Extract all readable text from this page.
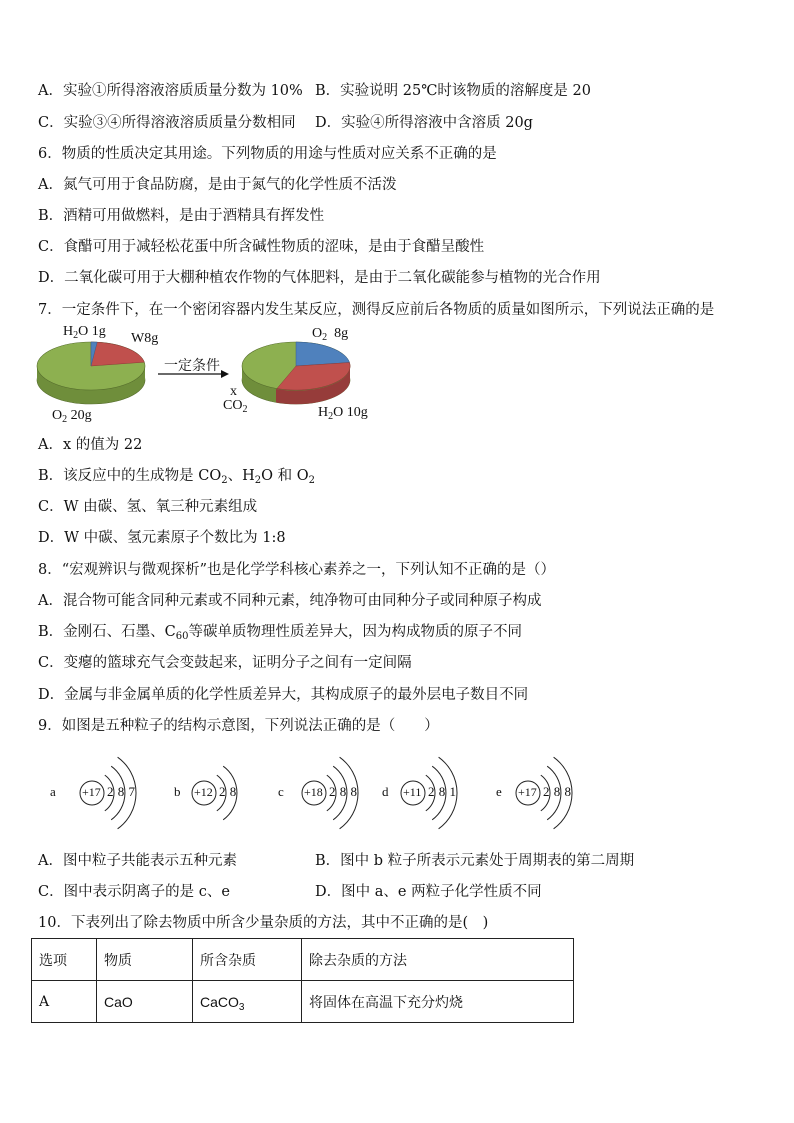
A．实验①所得溶液溶质质量分数为 10% B．实验说明 25℃时该物质的溶解度是 20
C．实验③④所得溶液溶质质量分数相同 D．实验④所得溶液中含溶质 20g
6．物质的性质决定其用途。下列物质的用途与性质对应关系不正确的是
A．氮气可用于食品防腐，是由于氮气的化学性质不活泼
B．酒精可用做燃料，是由于酒精具有挥发性
C．食醋可用于减轻松花蛋中所含碱性物质的涩味，是由于食醋呈酸性
D．二氧化碳可用于大棚种植农作物的气体肥料，是由于二氧化碳能参与植物的光合作用
7．一定条件下，在一个密闭容器内发生某反应，测得反应前后各物质的质量如图所示，下列说法正确的是
$H_2O$ 1g W8g
$O_2$ 20g
一定条件
$O_2$  8g
x
$CO_2$	$H_2O$ 10g
A．x 的值为 22
B．该反应中的生成物是 $CO_2$、$H_2O$ 和 $O_2$
C．W 由碳、氢、氧三种元素组成
D．W 中碳、氢元素原子个数比为 1:8
8．“宏观辨识与微观探析”也是化学学科核心素养之一，下列认知不正确的是（）
A．混合物可能含同种元素或不同种元素，纯净物可由同种分子或同种原子构成
B．金刚石、石墨、$C_{60}$等碳单质物理性质差异大，因为构成物质的原子不同
C．变瘪的篮球充气会变鼓起来，证明分子之间有一定间隔
D．金属与非金属单质的化学性质差异大，其构成原子的最外层电子数目不同
9．如图是五种粒子的结构示意图，下列说法正确的是（　　）
a +17 2 8 7	b +12 2 8	c +18 2 8 8 d +11 2 8 1	e +17 2 8 8
A．图中粒子共能表示五种元素	B．图中 b 粒子所表示元素处于周期表的第二周期
C．图中表示阴离子的是 c、e	D．图中 a、e 两粒子化学性质不同
10．下表列出了除去物质中所含少量杂质的方法，其中不正确的是(　)
选项	物质	所含杂质	除去杂质的方法
A	CaO	CaCO$_3$	将固体在高温下充分灼烧
